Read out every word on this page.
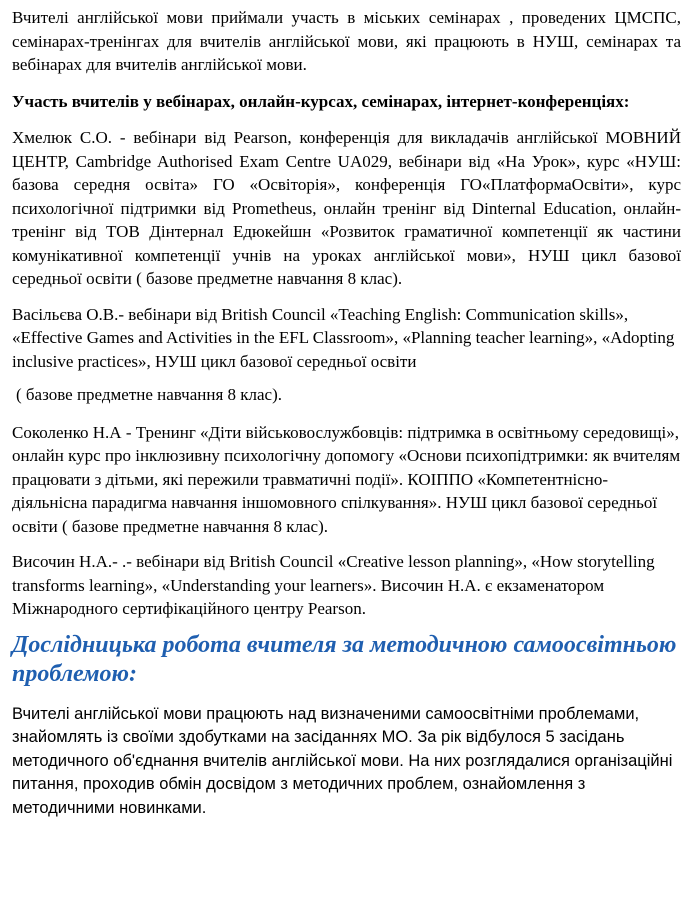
Вчителі англійської мови приймали участь в міських семінарах , проведених ЦМСПС, семінарах-тренінгах для вчителів англійської мови, які працюють в НУШ, семінарах та вебінарах для вчителів англійської мови.

Участь вчителів у вебінарах, онлайн-курсах, семінарах, інтернет-конференціях:

Хмелюк С.О. - вебінари від Pearson, конференція для викладачів англійської МОВНИЙ ЦЕНТР, Cambridge Authorised Exam Centre UA029, вебінари від «На Урок», курс «НУШ: базова середня освіта» ГО «Освіторія», конференція ГО«ПлатформаОсвіти», курс психологічної підтримки від Prometheus, онлайн тренінг від Dinternal Education, онлайн-тренінг від ТОВ Дінтернал Едюкейшн «Розвиток граматичної компетенції як частини комунікативної компетенції учнів на уроках англійської мови», НУШ цикл базової середньої освіти ( базове предметне навчання 8 клас).

Васільєва О.В.- вебінари від British Council «Teaching English: Communication skills», «Effective Games and Activities in the EFL Classroom», «Planning teacher learning», «Adopting inclusive practices», НУШ цикл базової середньої освіти

( базове предметне навчання 8 клас).

Соколенко Н.А - Тренинг «Діти військовослужбовців: підтримка в освітньому середовищі», онлайн курс про інклюзивну психологічну допомогу «Основи психопідтримки: як вчителям працювати з дітьми, які пережили травматичні події». КОІППО «Компетентнісно-діяльнісна парадигма навчання іншомовного спілкування». НУШ цикл базової середньої освіти ( базове предметне навчання 8 клас).

Височин Н.А.- .- вебінари від British Council «Creative lesson planning», «How storytelling transforms learning», «Understanding your learners». Височин Н.А. є екзаменатором Міжнародного сертифікаційного центру Pearson.

Дослідницька робота вчителя за методичною самоосвітньою проблемою:

Вчителі англійської мови працюють над визначеними самоосвітніми проблемами, знайомлять із своїми здобутками на засіданнях МО. За рік відбулося 5 засідань методичного об'єднання вчителів англійської мови. На них розглядалися організаційні питання, проходив обмін досвідом з методичних проблем, ознайомлення з методичними новинками.
